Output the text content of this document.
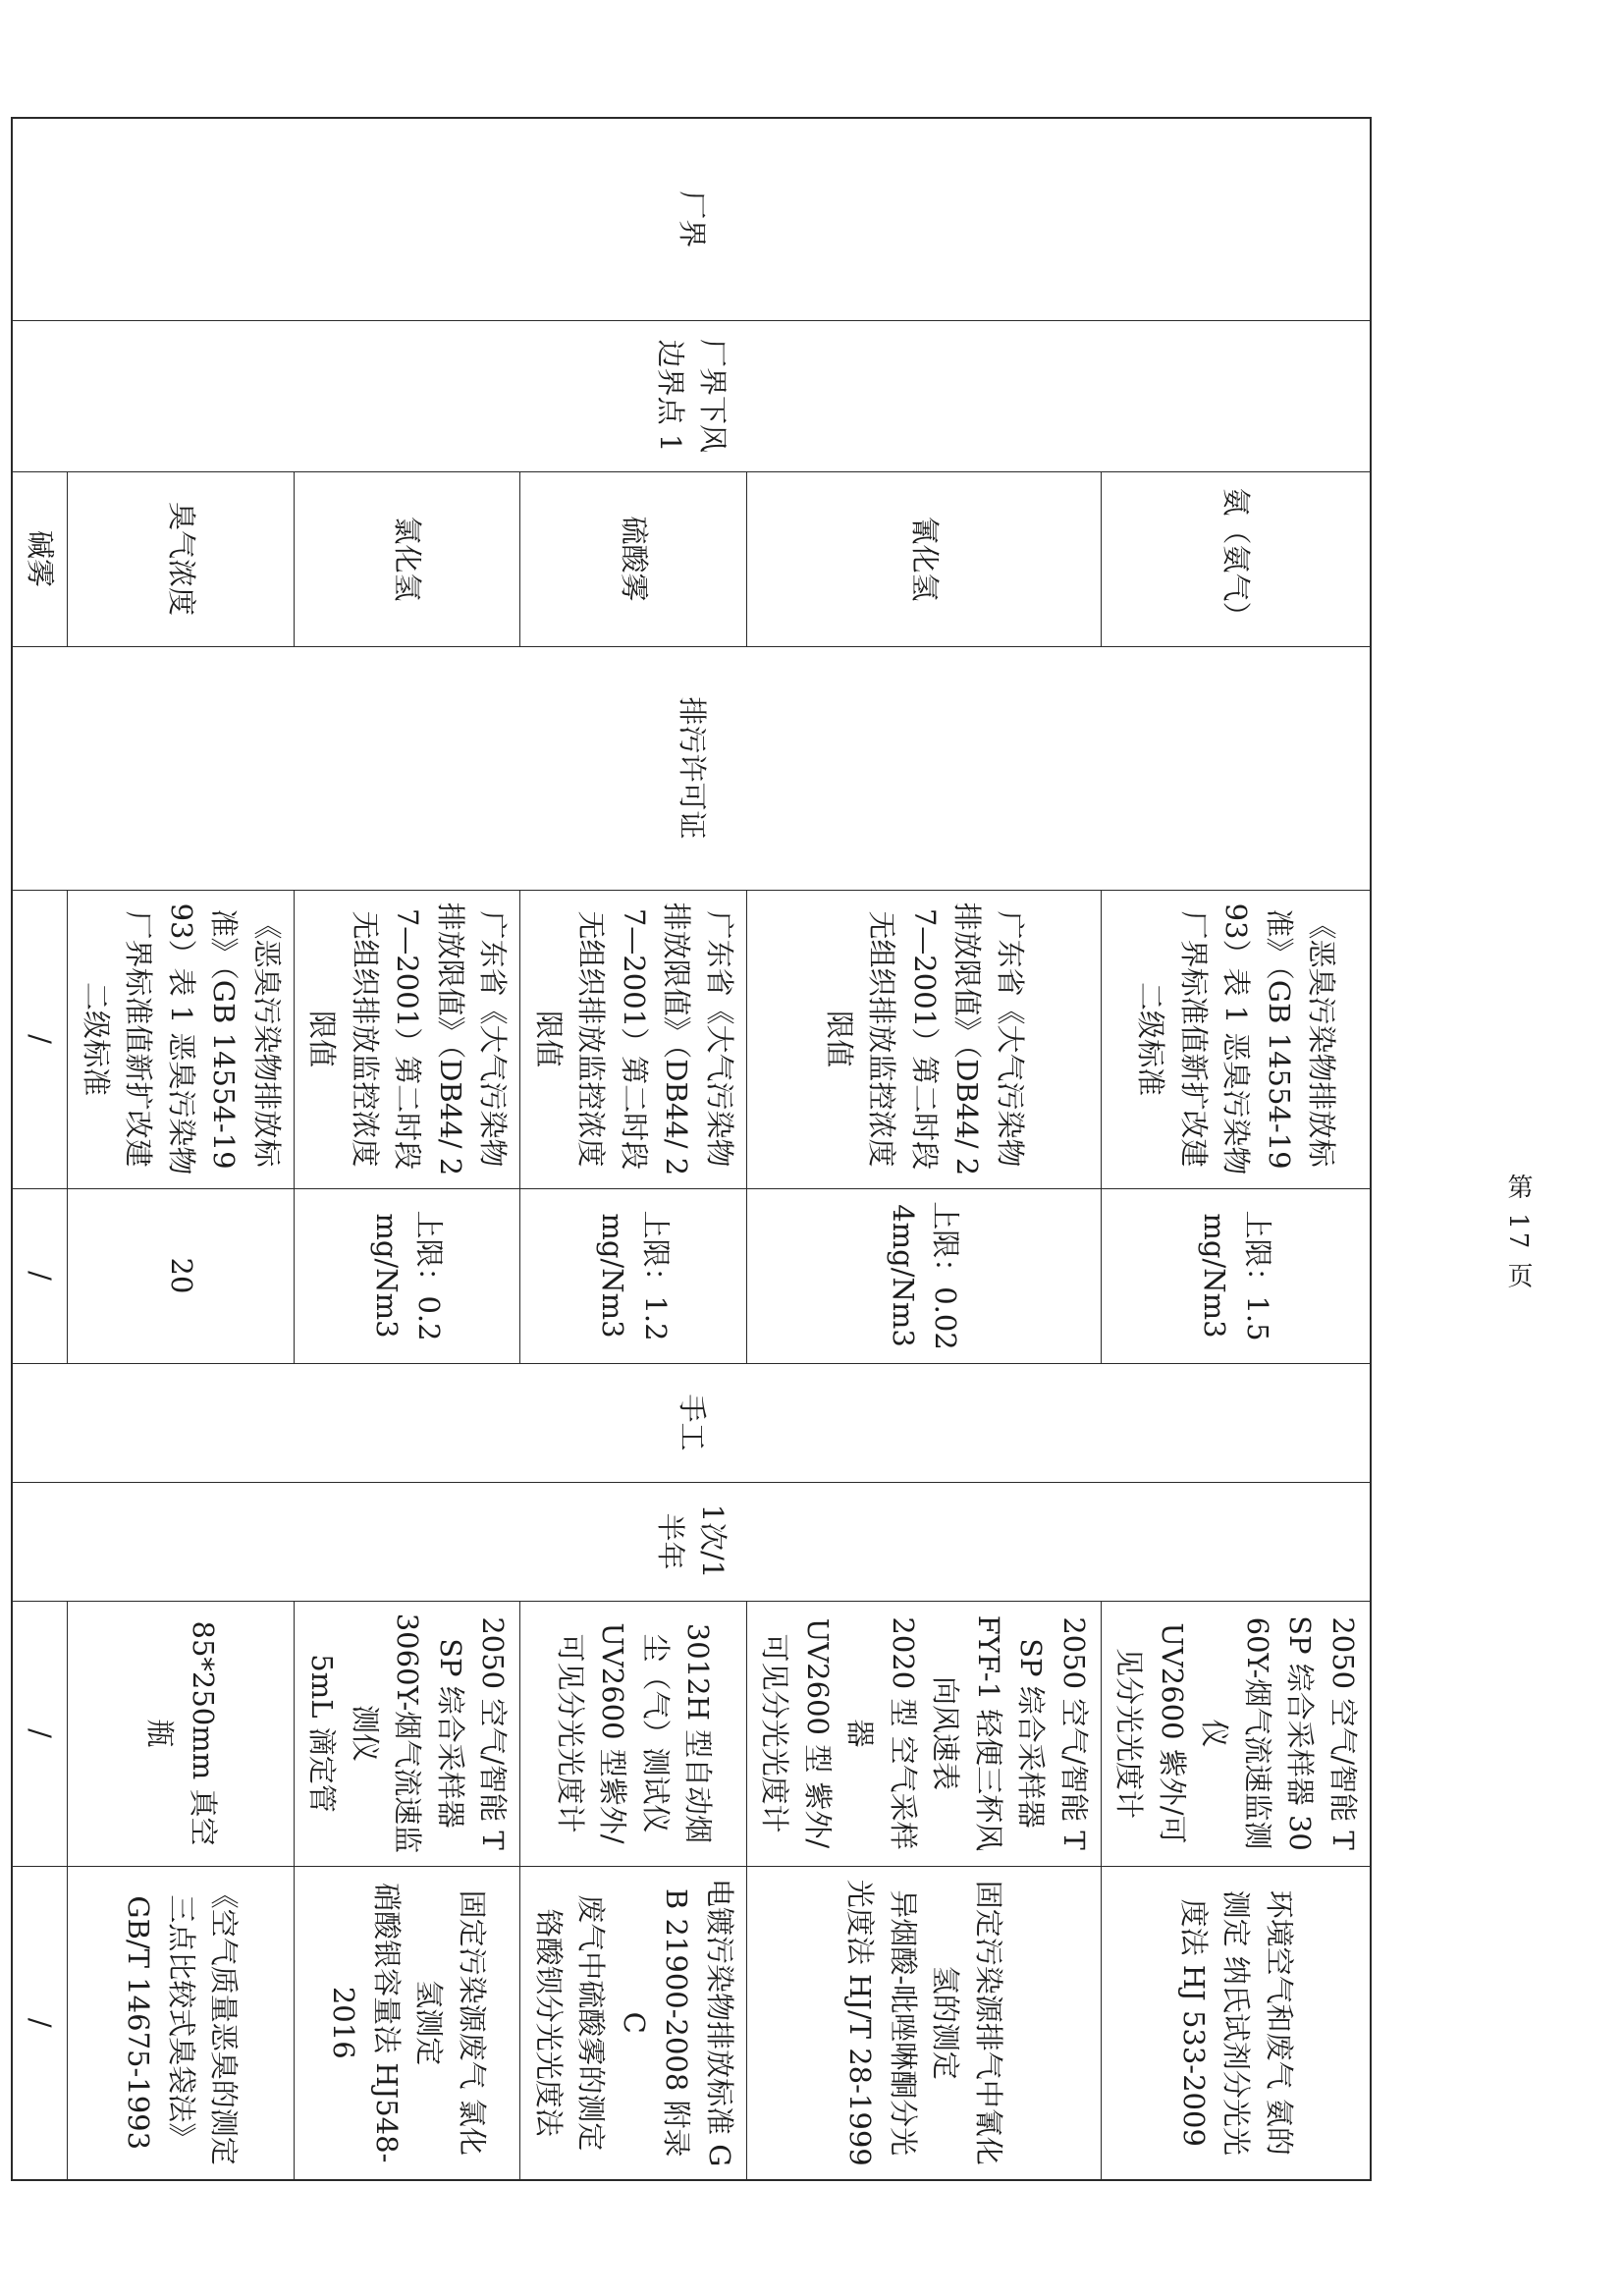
厂界	厂界下风边界点 1	氨（氨气）	排污许可证	《恶臭污染物排放标准》（GB 14554-1993）表 1 恶臭污染物厂界标准值新扩改建二级标准	上限：1.5mg/Nm3	手工	1次/1半年	2050 空气/智能 TSP 综合采样器 3060Y-烟气流速监测仪
UV2600 紫外/可见分光光度计	环境空气和废气 氨的测定 纳氏试剂分光光度法 HJ 533-2009

		氰化氢		广东省《大气污染物排放限值》（DB44/ 27—2001）第二时段无组织排放监控浓度限值	上限：0.024mg/Nm3			2050 空气/智能 TSP 综合采样器
FYF-1 轻便三杯风向风速表
2020 型 空气采样器
UV2600 型 紫外/可见分光光度计	固定污染源排气中氰化氢的测定
异烟酸-吡唑啉酮分光光度法 HJ/T 28-1999

		硫酸雾		广东省《大气污染物排放限值》（DB44/ 27—2001）第二时段无组织排放监控浓度限值	上限：1.2mg/Nm3			3012H 型自动烟尘（气）测试仪
UV2600 型紫外/可见分光光度计	电镀污染物排放标准 GB 21900-2008 附录 C
废气中硫酸雾的测定 铬酸钡分光光度法

		氯化氢		广东省《大气污染物排放限值》（DB44/ 27—2001）第二时段无组织排放监控浓度限值	上限：0.2mg/Nm3			2050 空气/智能 TSP 综合采样器
3060Y-烟气流速监测仪
5mL 滴定管	固定污染源废气 氯化氢测定
硝酸银容量法 HJ548-2016

		臭气浓度		《恶臭污染物排放标准》（GB 14554-1993）表 1 恶臭污染物厂界标准值新扩改建二级标准	20			85*250mm 真空瓶	《空气质量恶臭的测定三点比较式臭袋法》
GB/T 14675-1993

		碱雾		/	/			/	/
第 17 页
